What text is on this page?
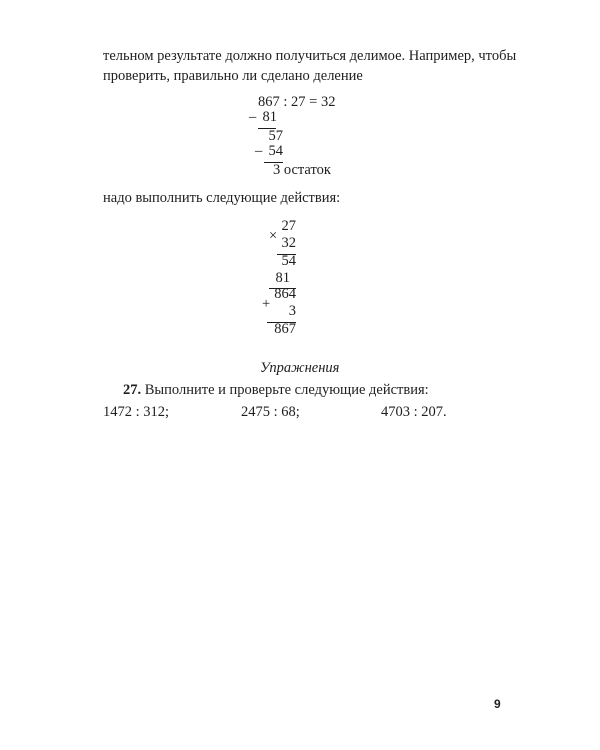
тельном результате должно получиться делимое. Например, чтобы
проверить, правильно ли сделано деление
867 : 27 = 32
– 81
57
– 54
3 остаток
надо выполнить следующие действия:
27
× 32
54
81
+
864
3
867
Упражнения
27. Выполните и проверьте следующие действия:
1472 : 312;	2475 : 68;	4703 : 207.
9
